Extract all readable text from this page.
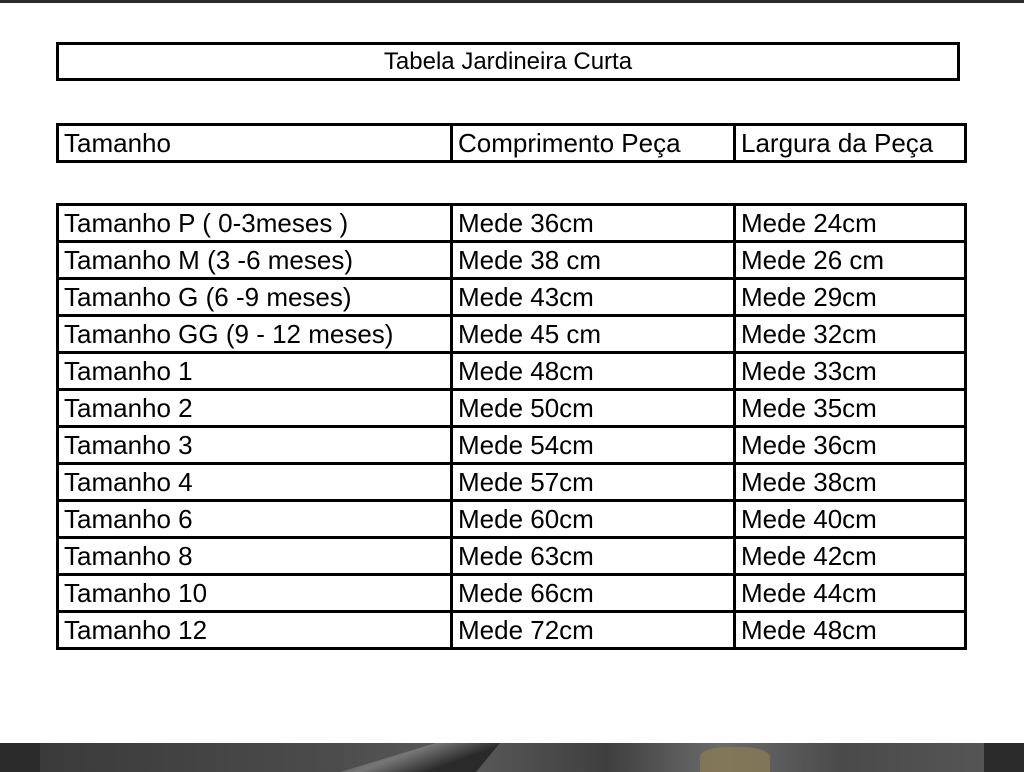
Tabela Jardineira Curta
Tamanho	Comprimento Peça	Largura da Peça
Tamanho P ( 0-3meses )	Mede 36cm	Mede 24cm
Tamanho M (3 -6 meses)	Mede 38 cm	Mede 26 cm
Tamanho G (6 -9 meses)	Mede 43cm	Mede 29cm
Tamanho GG (9 - 12 meses)	Mede 45 cm	Mede 32cm
Tamanho 1	Mede 48cm	Mede 33cm
Tamanho 2	Mede 50cm	Mede 35cm
Tamanho 3	Mede 54cm	Mede 36cm
Tamanho 4	Mede 57cm	Mede 38cm
Tamanho 6	Mede 60cm	Mede 40cm
Tamanho 8	Mede 63cm	Mede 42cm
Tamanho 10	Mede 66cm	Mede 44cm
Tamanho 12	Mede 72cm	Mede 48cm
